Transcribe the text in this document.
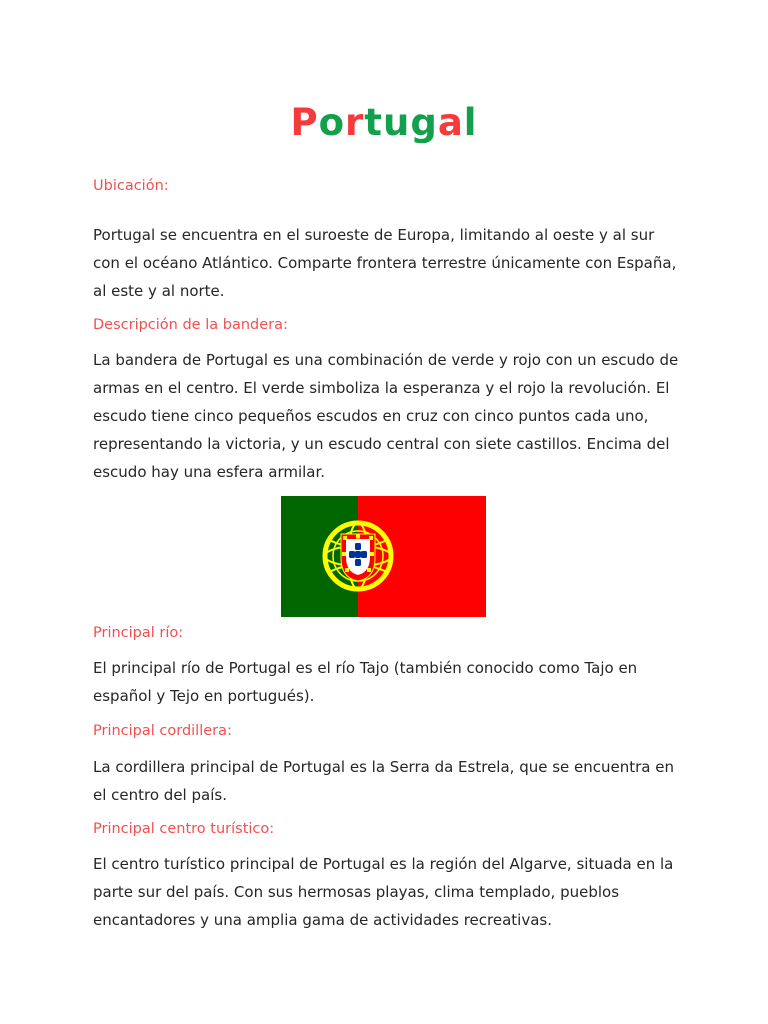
Portugal
Ubicación:
Portugal se encuentra en el suroeste de Europa, limitando al oeste y al sur con el océano Atlántico. Comparte frontera terrestre únicamente con España, al este y al norte.
Descripción de la bandera:
La bandera de Portugal es una combinación de verde y rojo con un escudo de armas en el centro. El verde simboliza la esperanza y el rojo la revolución. El escudo tiene cinco pequeños escudos en cruz con cinco puntos cada uno, representando la victoria, y un escudo central con siete castillos. Encima del escudo hay una esfera armilar.
Principal río:
El principal río de Portugal es el río Tajo (también conocido como Tajo en español y Tejo en portugués).
Principal cordillera:
La cordillera principal de Portugal es la Serra da Estrela, que se encuentra en el centro del país.
Principal centro turístico:
El centro turístico principal de Portugal es la región del Algarve, situada en la parte sur del país. Con sus hermosas playas, clima templado, pueblos encantadores y una amplia gama de actividades recreativas.
